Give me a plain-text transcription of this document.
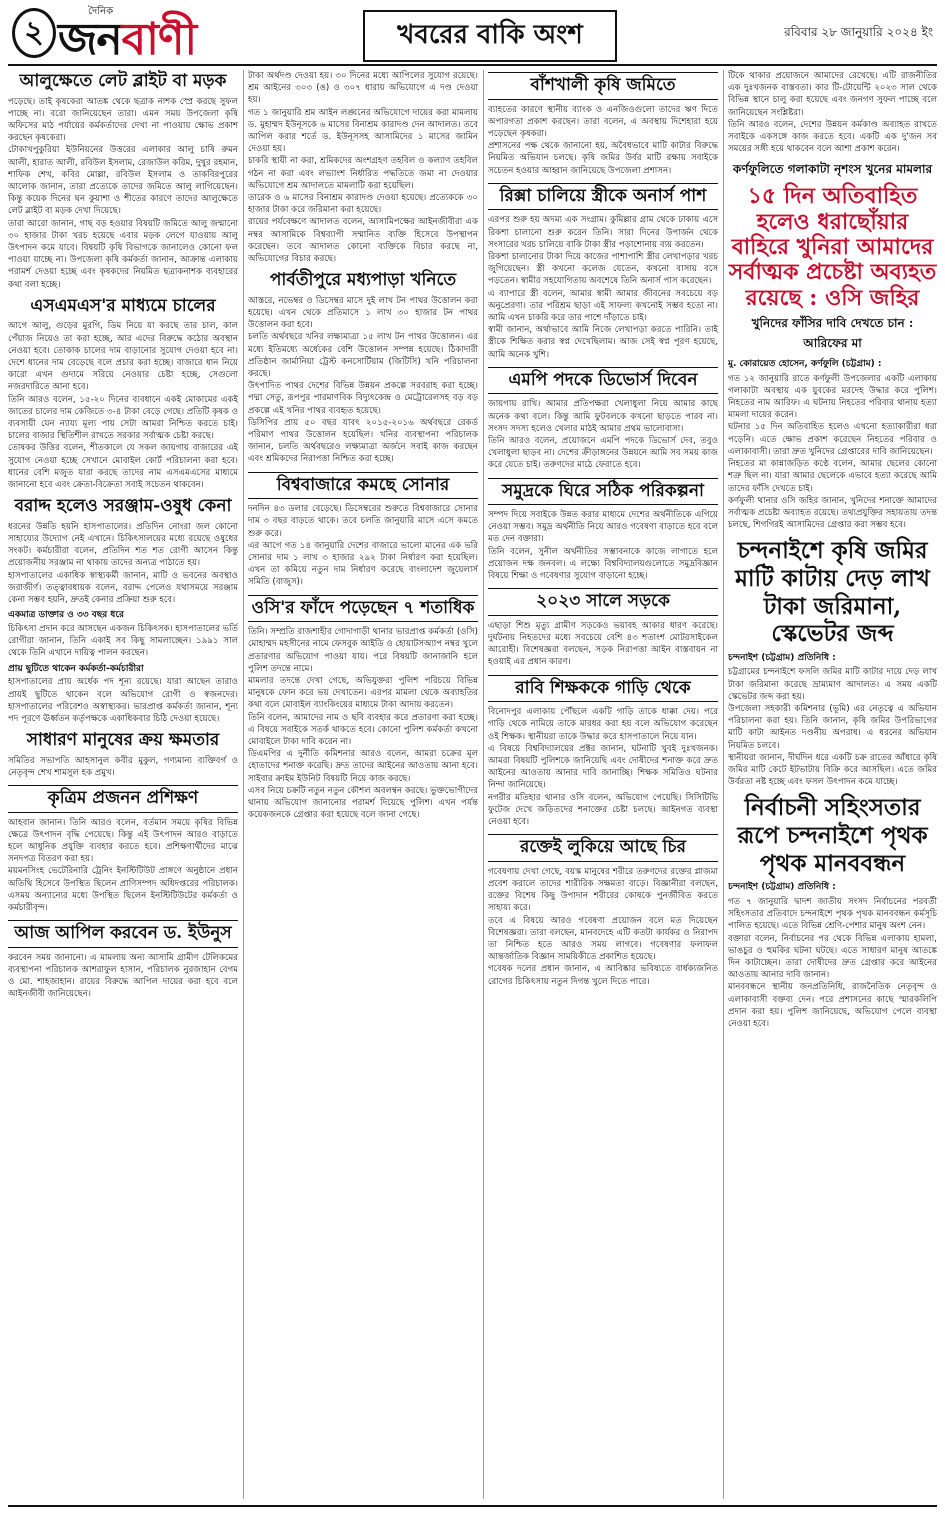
২
দৈনিক
জনবাণী	খবরের বাকি অংশ	রবিবার ২৮ জানুয়ারি ২০২৪ ইং
আলুক্ষেতে লেট ব্লাইট বা মড়ক
পড়েছে। তাই কৃষকেরা আতঙ্ক থেকে ছত্রাক নাশক স্প্রে করছে সুফল পাচ্ছে না। বরো জানিয়েছেন তারা। এমন সময় উপজেলা কৃষি অফিসের মাঠ পর্যায়ের কর্মকর্তাদের দেখা না পাওয়ায় ক্ষোভ প্রকাশ করছেন কৃষকেরা।
টোকাখপুকুরিয়া ইউনিয়নের উত্তরের এলাকার আলু চাষি রুমন আলী, হারাত আলী, রবিউল ইসলাম, রেজাউল করিম, দুখুর রহমান, শাফিক শেখ, কবির মোল্লা, রবিউল ইসলাম ও তাকবিরপুরের আলোক জানান, তারা প্রত্যেকে তাদের জমিতে আলু লাগিয়েছেন। কিন্তু কয়েক দিনের ঘন কুয়াশা ও শীতের কারণে তাদের আলুক্ষেতে লেট ব্লাইট বা মড়ক দেখা দিয়েছে।
তারা আরো জানান, গাছ বড় হওয়ার বিষয়টি জমিতে আলু জন্মানো ৩০ হাজার টাকা খরচ হয়েছে এবার মড়ক লেগে যাওয়ায় আলু উৎপাদন কমে যাবে। বিষয়টি কৃষি বিভাগকে জানালেও কোনো ফল পাওয়া যাচ্ছে না। উপজেলা কৃষি কর্মকর্তা জানান, আক্রান্ত এলাকায় পরামর্শ দেওয়া হচ্ছে এবং কৃষকদের নিয়মিত ছত্রাকনাশক ব্যবহারের কথা বলা হচ্ছে।
এসএমএস'র মাধ্যমে চালের
আগে আলু, গুড়ের মুরগি, ডিম নিয়ে যা করছে তার চাল, কাল পেঁয়াজ নিয়েও তা করা হচ্ছে, আর এদের বিরুদ্ধে কঠোর অবস্থান নেওয়া হবে। তোকাক চালের দাম বাড়ানোর সুযোগ দেওয়া হবে না। দেশে ধানের দাম বেড়েছে বলে প্রচার করা হচ্ছে। বাজারে ধান নিয়ে কারো এখন গুদামে সরিয়ে নেওয়ার চেষ্টা হচ্ছে, সেগুলো নজরদারিতে আনা হবে।
তিনি আরও বলেন, ১৫-২০ দিনের ব্যবধানে একই মোকামের একই জাতের চালের দাম কেজিতে ৩-৪ টাকা বেড়ে গেছে। প্রতিটি কৃষক ও ব্যবসায়ী যেন ন্যায্য মূল্য পায় সেটা আমরা নিশ্চিত করতে চাই। চালের বাজার স্থিতিশীল রাখতে সরকার সর্বাত্মক চেষ্টা করছে।
তোষকর উত্তির বলেন, শীতকালে যে সকল জায়গায় বাজারের এই সুযোগ নেওয়া হচ্ছে সেখানে মোবাইল কোর্ট পরিচালনা করা হবে। ধানের বেশি মজুত যারা করছে তাদের নাম এসএমএসের মাধ্যমে জানানো হবে এবং ক্রেতা-বিক্রেতা সবাই সচেতন থাকবেন।
বরাদ্দ হলেও সরঞ্জাম-ওষুধ কেনা
ধরনের উন্নতি হয়নি হাসপাতালের। প্রতিদিন নোংরা জল কোনো সাহায্যের উদ্যোগ নেই এখানে। চিকিৎসালয়ের মধ্যে রয়েছে ওষুধের সংকট। কর্মচারীরা বলেন, প্রতিদিন শত শত রোগী আসেন কিন্তু প্রয়োজনীয় সরঞ্জাম না থাকায় তাদের অন্যত্র পাঠাতে হয়।
হাসপাতালের একাধিক স্বাস্থ্যকর্মী জানান, মাটি ও ভবনের অবস্থাও জরাজীর্ণ। তত্ত্বাবধায়ক বলেন, বরাদ্দ পেলেও যথাসময়ে সরঞ্জাম কেনা সম্ভব হয়নি, দ্রুতই কেনার প্রক্রিয়া শুরু হবে।
একমাত্র ডাক্তার ও ৩৩ বছর ধরে
চিকিৎসা প্রদান করে আসছেন একজন চিকিৎসক। হাসপাতালের ভর্তি রোগীরা জানান, তিনি একাই সব কিছু সামলাচ্ছেন। ১৯৯১ সাল থেকে তিনি এখানে দায়িত্ব পালন করছেন।
প্রায় ছুটিতে থাকেন কর্মকর্তা-কর্মচারীরা
হাসপাতালের প্রায় অর্ধেক পদ শূন্য রয়েছে। যারা আছেন তারাও প্রায়ই ছুটিতে থাকেন বলে অভিযোগ রোগী ও স্বজনদের। হাসপাতালের পরিবেশও অস্বাস্থ্যকর। ভারপ্রাপ্ত কর্মকর্তা জানান, শূন্য পদ পূরণে ঊর্ধ্বতন কর্তৃপক্ষকে একাধিকবার চিঠি দেওয়া হয়েছে।
সাধারণ মানুষের ক্রয় ক্ষমতার
সমিতির সভাপতি আহসানুল কবীর মুকুল, গণ্যমান্য ব্যক্তিবর্গ ও নেতৃবৃন্দ শেখ শামসুল হক প্রমুখ।
কৃত্রিম প্রজনন প্রশিক্ষণ
আহবান জানান। তিনি আরও বলেন, বর্তমান সময়ে কৃষির বিভিন্ন ক্ষেত্রে উৎপাদন বৃদ্ধি পেয়েছে। কিন্তু এই উৎপাদন আরও বাড়াতে হলে আধুনিক প্রযুক্তি ব্যবহার করতে হবে। প্রশিক্ষণার্থীদের মাঝে সনদপত্র বিতরণ করা হয়।
ময়মনসিংহ ভেটেরিনারি ট্রেনিং ইনস্টিটিউট প্রাঙ্গণে অনুষ্ঠানে প্রধান অতিথি হিসেবে উপস্থিত ছিলেন প্রাণিসম্পদ অধিদপ্তরের পরিচালক। এসময় অন্যান্যের মধ্যে উপস্থিত ছিলেন ইনস্টিটিউটের কর্মকর্তা ও কর্মচারীবৃন্দ।
আজ আপিল করবেন ড. ইউনুস
করবেন সময় জানানো। এ মামলায় অন্য আসামি গ্রামীণ টেলিকমের ব্যবস্থাপনা পরিচালক আশরাফুল হাসান, পরিচালক নুরজাহান বেগম ও মো. শাহজাহান। রায়ের বিরুদ্ধে আপিল দায়ের করা হবে বলে আইনজীবী জানিয়েছেন।
টাকা অর্থদণ্ড দেওয়া হয়। ৩০ দিনের মধ্যে আপিলের সুযোগ রয়েছে। শ্রম আইনের ৩০৩ (ঙ) ও ৩০৭ ধারায় অভিযোগে এ দণ্ড দেওয়া হয়।
গত ১ জানুয়ারি শ্রম আইন লঙ্ঘনের অভিযোগে দায়ের করা মামলায় ড. মুহাম্মদ ইউনূসকে ৬ মাসের বিনাশ্রম কারাদণ্ড দেন আদালত। তবে আপিল করার শর্তে ড. ইউনূসসহ আসামিদের ১ মাসের জামিন দেওয়া হয়।
চাকরি স্থায়ী না করা, শ্রমিকদের অংশগ্রহণ তহবিল ও কল্যাণ তহবিল গঠন না করা এবং লভ্যাংশ নির্ধারিত পদ্ধতিতে জমা না দেওয়ার অভিযোগে শ্রম আদালতে মামলাটি করা হয়েছিল।
তারেক ও ৬ মাসের বিনাশ্রম কারাদণ্ড দেওয়া হয়েছে। প্রত্যেককে ৩০ হাজার টাকা করে জরিমানা করা হয়েছে।
রায়ের পর্যবেক্ষণে আদালত বলেন, আসামিপক্ষের আইনজীবীরা এক নম্বর আসামিকে বিশ্বব্যাপী সম্মানিত ব্যক্তি হিসেবে উপস্থাপন করেছেন। তবে আদালত কোনো ব্যক্তিকে বিচার করছে না, অভিযোগের বিচার করছে।
পার্বতীপুরে মধ্যপাড়া খনিতে
আস্তরে, নভেম্বর ও ডিসেম্বর মাসে দুই লাখ টন পাথর উত্তোলন করা হয়েছে। এখন থেকে প্রতিমাসে ১ লাখ ৩০ হাজার টন পাথর উত্তোলন করা হবে।
চলতি অর্থবছরে খনির লক্ষ্যমাত্রা ১৫ লাখ টন পাথর উত্তোলন। এর মধ্যে ইতিমধ্যে অর্ধেকের বেশি উত্তোলন সম্পন্ন হয়েছে। ঠিকাদারী প্রতিষ্ঠান জার্মানিয়া ট্রেস্ট কনসোর্টিয়াম (জিটিসি) খনি পরিচালনা করছে।
উৎপাদিত পাথর দেশের বিভিন্ন উন্নয়ন প্রকল্পে সরবরাহ করা হচ্ছে। পদ্মা সেতু, রূপপুর পারমাণবিক বিদ্যুৎকেন্দ্র ও মেট্রোরেলসহ বড় বড় প্রকল্পে এই খনির পাথর ব্যবহৃত হয়েছে।
ডিসিপির প্রায় ৫০ বছর যাবৎ ২০১৫-২০১৬ অর্থবছরে রেকর্ড পরিমাণ পাথর উত্তোলন হয়েছিল। খনির ব্যবস্থাপনা পরিচালক জানান, চলতি অর্থবছরেও লক্ষ্যমাত্রা অর্জনে সবাই কাজ করছেন এবং শ্রমিকদের নিরাপত্তা নিশ্চিত করা হচ্ছে।
বিশ্ববাজারে কমছে সোনার
দনদিন ৪৩ ডলার বেড়েছে। ডিসেম্বরের শুরুতে বিশ্ববাজারে সোনার দাম ৩ বছর বাড়তে থাকে। তবে চলতি জানুয়ারি মাসে এসে কমতে শুরু করে।
এর আগে গত ১৪ জানুয়ারি দেশের বাজারে ভালো মানের এক ভরি সোনার দাম ১ লাখ ৩ হাজার ২৯২ টাকা নির্ধারণ করা হয়েছিল। এখন তা কমিয়ে নতুন দাম নির্ধারণ করেছে বাংলাদেশ জুয়েলার্স সমিতি (বাজুস)।
ওসি'র ফাঁদে পড়েছেন ৭ শতাধিক
তিনি। সম্প্রতি রাজশাহীর গোদাগাড়ী থানার ভারপ্রাপ্ত কর্মকর্তা (ওসি) মোহাম্মদ মহসীনের নামে ফেসবুক আইডি ও হোয়াটসঅ্যাপ নম্বর খুলে প্রতারণার অভিযোগ পাওয়া যায়। পরে বিষয়টি জানাজানি হলে পুলিশ তদন্তে নামে।
মামলার তদন্তে দেখা গেছে, অভিযুক্তরা পুলিশ পরিচয়ে বিভিন্ন মানুষকে ফোন করে ভয় দেখাতেন। এরপর মামলা থেকে অব্যাহতির কথা বলে মোবাইল ব্যাংকিংয়ের মাধ্যমে টাকা আদায় করতেন।
তিনি বলেন, আমাদের নাম ও ছবি ব্যবহার করে প্রতারণা করা হচ্ছে। এ বিষয়ে সবাইকে সতর্ক থাকতে হবে। কোনো পুলিশ কর্মকর্তা কখনো মোবাইলে টাকা দাবি করেন না।
ডিএমপির এ দুর্নীতি কমিশনার আরও বলেন, আমরা চক্রের মূল হোতাদের শনাক্ত করেছি। দ্রুত তাদের আইনের আওতায় আনা হবে। সাইবার ক্রাইম ইউনিট বিষয়টি নিয়ে কাজ করছে।
এসব নিয়ে চক্রটি নতুন নতুন কৌশল অবলম্বন করছে। ভুক্তভোগীদের থানায় অভিযোগ জানানোর পরামর্শ দিয়েছে পুলিশ। এখন পর্যন্ত কয়েকজনকে গ্রেপ্তার করা হয়েছে বলে জানা গেছে।
বাঁশখালী কৃষি জমিতে
ব্যাহতের কারণে স্থানীয় ব্যাংক ও এনজিওগুলো তাদের ঋণ দিতে অপারগতা প্রকাশ করছেন। তারা বলেন, এ অবস্থায় দিশেহারা হয়ে পড়েছেন কৃষকরা।
প্রশাসনের পক্ষ থেকে জানানো হয়, অবৈধভাবে মাটি কাটার বিরুদ্ধে নিয়মিত অভিযান চলছে। কৃষি জমির উর্বর মাটি রক্ষায় সবাইকে সচেতন হওয়ার আহ্বান জানিয়েছে উপজেলা প্রশাসন।
রিক্সা চালিয়ে স্ত্রীকে অনার্স পাশ
এরপর শুরু হয় অদম্য এক সংগ্রাম। কুমিল্লার গ্রাম থেকে ঢাকায় এসে রিকশা চালানো শুরু করেন তিনি। সারা দিনের উপার্জন থেকে সংসারের খরচ চালিয়ে বাকি টাকা স্ত্রীর পড়াশোনায় ব্যয় করতেন।
রিকশা চালানোর টাকা দিয়ে কাজের পাশাপাশি স্ত্রীর লেখাপড়ার খরচ জুগিয়েছেন। স্ত্রী কখনো কলেজ যেতেন, কখনো বাসায় বসে পড়তেন। স্বামীর সহযোগিতায় অবশেষে তিনি অনার্স পাস করেছেন।
এ ব্যাপারে স্ত্রী বলেন, আমার স্বামী আমার জীবনের সবচেয়ে বড় অনুপ্রেরণা। তার পরিশ্রম ছাড়া এই সাফল্য কখনোই সম্ভব হতো না। আমি এখন চাকরি করে তার পাশে দাঁড়াতে চাই।
স্বামী জানান, অর্থাভাবে আমি নিজে লেখাপড়া করতে পারিনি। তাই স্ত্রীকে শিক্ষিত করার স্বপ্ন দেখেছিলাম। আজ সেই স্বপ্ন পূরণ হয়েছে, আমি অনেক খুশি।
এমপি পদকে ডিভোর্স দিবেন
জায়গায় রাখি। আমার প্রতিপক্ষরা খেলাধুলা নিয়ে আমার কাছে অনেক কথা বলে। কিন্তু আমি ফুটবলকে কখনো ছাড়তে পারব না। সংসদ সদস্য হলেও খেলার মাঠই আমার প্রথম ভালোবাসা।
তিনি আরও বলেন, প্রয়োজনে এমপি পদকে ডিভোর্স দেব, তবুও খেলাধুলা ছাড়ব না। দেশের ক্রীড়াঙ্গনের উন্নয়নে আমি সব সময় কাজ করে যেতে চাই। তরুণদের মাঠে ফেরাতে হবে।
সমুদ্রকে ঘিরে সঠিক পরিকল্পনা
সম্পদ দিয়ে সবাইকে উন্নত করার মাধ্যমে দেশের অর্থনীতিকে এগিয়ে নেওয়া সম্ভব। সমুদ্র অর্থনীতি নিয়ে আরও গবেষণা বাড়াতে হবে বলে মত দেন বক্তারা।
তিনি বলেন, সুনীল অর্থনীতির সম্ভাবনাকে কাজে লাগাতে হলে প্রয়োজন দক্ষ জনবল। এ লক্ষ্যে বিশ্ববিদ্যালয়গুলোতে সমুদ্রবিজ্ঞান বিষয়ে শিক্ষা ও গবেষণার সুযোগ বাড়ানো হচ্ছে।
২০২৩ সালে সড়কে
এছাড়া শিশু মৃত্যু গ্রামীণ সড়কেও ভয়াবহ আকার ধারণ করেছে। দুর্ঘটনায় নিহতদের মধ্যে সবচেয়ে বেশি ৪৩ শতাংশ মোটরসাইকেল আরোহী। বিশেষজ্ঞরা বলছেন, সড়ক নিরাপত্তা আইন বাস্তবায়ন না হওয়াই এর প্রধান কারণ।
রাবি শিক্ষককে গাড়ি থেকে
বিনোদপুর এলাকায় পৌঁছলে একটি গাড়ি তাকে ধাক্কা দেয়। পরে গাড়ি থেকে নামিয়ে তাকে মারধর করা হয় বলে অভিযোগ করেছেন ওই শিক্ষক। স্থানীয়রা তাকে উদ্ধার করে হাসপাতালে নিয়ে যান।
এ বিষয়ে বিশ্ববিদ্যালয়ের প্রক্টর জানান, ঘটনাটি খুবই দুঃখজনক। আমরা বিষয়টি পুলিশকে জানিয়েছি এবং দোষীদের শনাক্ত করে দ্রুত আইনের আওতায় আনার দাবি জানাচ্ছি। শিক্ষক সমিতিও ঘটনার নিন্দা জানিয়েছে।
নগরীর মতিহার থানার ওসি বলেন, অভিযোগ পেয়েছি। সিসিটিভি ফুটেজ দেখে জড়িতদের শনাক্তের চেষ্টা চলছে। আইনগত ব্যবস্থা নেওয়া হবে।
রক্তেই লুকিয়ে আছে চির
গবেষণায় দেখা গেছে, বয়স্ক মানুষের শরীরে তরুণদের রক্তের প্লাজমা প্রবেশ করালে তাদের শারীরিক সক্ষমতা বাড়ে। বিজ্ঞানীরা বলছেন, রক্তের বিশেষ কিছু উপাদান শরীরের কোষকে পুনর্জীবিত করতে সাহায্য করে।
তবে এ বিষয়ে আরও গবেষণা প্রয়োজন বলে মত দিয়েছেন বিশেষজ্ঞরা। তারা বলছেন, মানবদেহে এটি কতটা কার্যকর ও নিরাপদ তা নিশ্চিত হতে আরও সময় লাগবে। গবেষণার ফলাফল আন্তর্জাতিক বিজ্ঞান সাময়িকীতে প্রকাশিত হয়েছে।
গবেষক দলের প্রধান জানান, এ আবিষ্কার ভবিষ্যতে বার্ধক্যজনিত রোগের চিকিৎসায় নতুন দিগন্ত খুলে দিতে পারে।
টিকে থাকার প্রয়োজনে আমাদের রেখেছে। এটি রাজনীতির এক দুঃখজনক বাস্তবতা। কার টি-টোয়েন্টি ২০২৩ সাল থেকে বিভিন্ন স্থানে চালু করা হয়েছে এবং জনগণ সুফল পাচ্ছে বলে জানিয়েছেন সংশ্লিষ্টরা।
তিনি আরও বলেন, দেশের উন্নয়ন কর্মকাণ্ড অব্যাহত রাখতে সবাইকে একসঙ্গে কাজ করতে হবে। একটি এক দু'জন সব সময়ের সঙ্গী হয়ে থাকবেন বলে আশা প্রকাশ করেন।
কর্ণফুলিতে গলাকাটা নৃশংস খুনের মামলার
১৫ দিন অতিবাহিত হলেও ধরাছোঁয়ার বাহিরে খুনিরা আমাদের সর্বাত্মক প্রচেষ্টা অব্যহত রয়েছে : ওসি জহির
খুনিদের ফাঁসির দাবি দেখতে চান : আরিফের মা
মু. কোরায়েত হোসেন, কর্ণফুলি (চট্টগ্রাম) :
গত ১২ জানুয়ারি রাতে কর্ণফুলী উপজেলার একটি এলাকায় গলাকাটা অবস্থায় এক যুবকের মরদেহ উদ্ধার করে পুলিশ। নিহতের নাম আরিফ। এ ঘটনায় নিহতের পরিবার থানায় হত্যা মামলা দায়ের করেন।
ঘটনার ১৫ দিন অতিবাহিত হলেও এখনো হত্যাকারীরা ধরা পড়েনি। এতে ক্ষোভ প্রকাশ করেছেন নিহতের পরিবার ও এলাকাবাসী। তারা দ্রুত খুনিদের গ্রেপ্তারের দাবি জানিয়েছেন।
নিহতের মা কান্নাজড়িত কণ্ঠে বলেন, আমার ছেলের কোনো শত্রু ছিল না। যারা আমার ছেলেকে এভাবে হত্যা করেছে আমি তাদের ফাঁসি দেখতে চাই।
কর্ণফুলী থানার ওসি জহির জানান, খুনিদের শনাক্তে আমাদের সর্বাত্মক প্রচেষ্টা অব্যাহত রয়েছে। তথ্যপ্রযুক্তির সহায়তায় তদন্ত চলছে, শিগগিরই আসামিদের গ্রেপ্তার করা সম্ভব হবে।
চন্দনাইশে কৃষি জমির মাটি কাটায় দেড় লাখ টাকা জরিমানা, স্কেভেটর জব্দ
চন্দনাইশ (চট্টগ্রাম) প্রতিনিধি :
চট্টগ্রামের চন্দনাইশে ফসলি জমির মাটি কাটার দায়ে দেড় লাখ টাকা জরিমানা করেছে ভ্রাম্যমাণ আদালত। এ সময় একটি স্কেভেটর জব্দ করা হয়।
উপজেলা সহকারী কমিশনার (ভূমি) এর নেতৃত্বে এ অভিযান পরিচালনা করা হয়। তিনি জানান, কৃষি জমির উপরিভাগের মাটি কাটা আইনত দণ্ডনীয় অপরাধ। এ ধরনের অভিযান নিয়মিত চলবে।
স্থানীয়রা জানান, দীর্ঘদিন ধরে একটি চক্র রাতের আঁধারে কৃষি জমির মাটি কেটে ইটভাটায় বিক্রি করে আসছিল। এতে জমির উর্বরতা নষ্ট হচ্ছে এবং ফসল উৎপাদন কমে যাচ্ছে।
নির্বাচনী সহিংসতার রূপে চন্দনাইশে পৃথক পৃথক মানববন্ধন
চন্দনাইশ (চট্টগ্রাম) প্রতিনিধি :
গত ৭ জানুয়ারি দ্বাদশ জাতীয় সংসদ নির্বাচনের পরবর্তী সহিংসতার প্রতিবাদে চন্দনাইশে পৃথক পৃথক মানববন্ধন কর্মসূচি পালিত হয়েছে। এতে বিভিন্ন শ্রেণি-পেশার মানুষ অংশ নেন।
বক্তারা বলেন, নির্বাচনের পর থেকে বিভিন্ন এলাকায় হামলা, ভাঙচুর ও হুমকির ঘটনা ঘটছে। এতে সাধারণ মানুষ আতঙ্কে দিন কাটাচ্ছেন। তারা দোষীদের দ্রুত গ্রেপ্তার করে আইনের আওতায় আনার দাবি জানান।
মানববন্ধনে স্থানীয় জনপ্রতিনিধি, রাজনৈতিক নেতৃবৃন্দ ও এলাকাবাসী বক্তব্য দেন। পরে প্রশাসনের কাছে স্মারকলিপি প্রদান করা হয়। পুলিশ জানিয়েছে, অভিযোগ পেলে ব্যবস্থা নেওয়া হবে।
